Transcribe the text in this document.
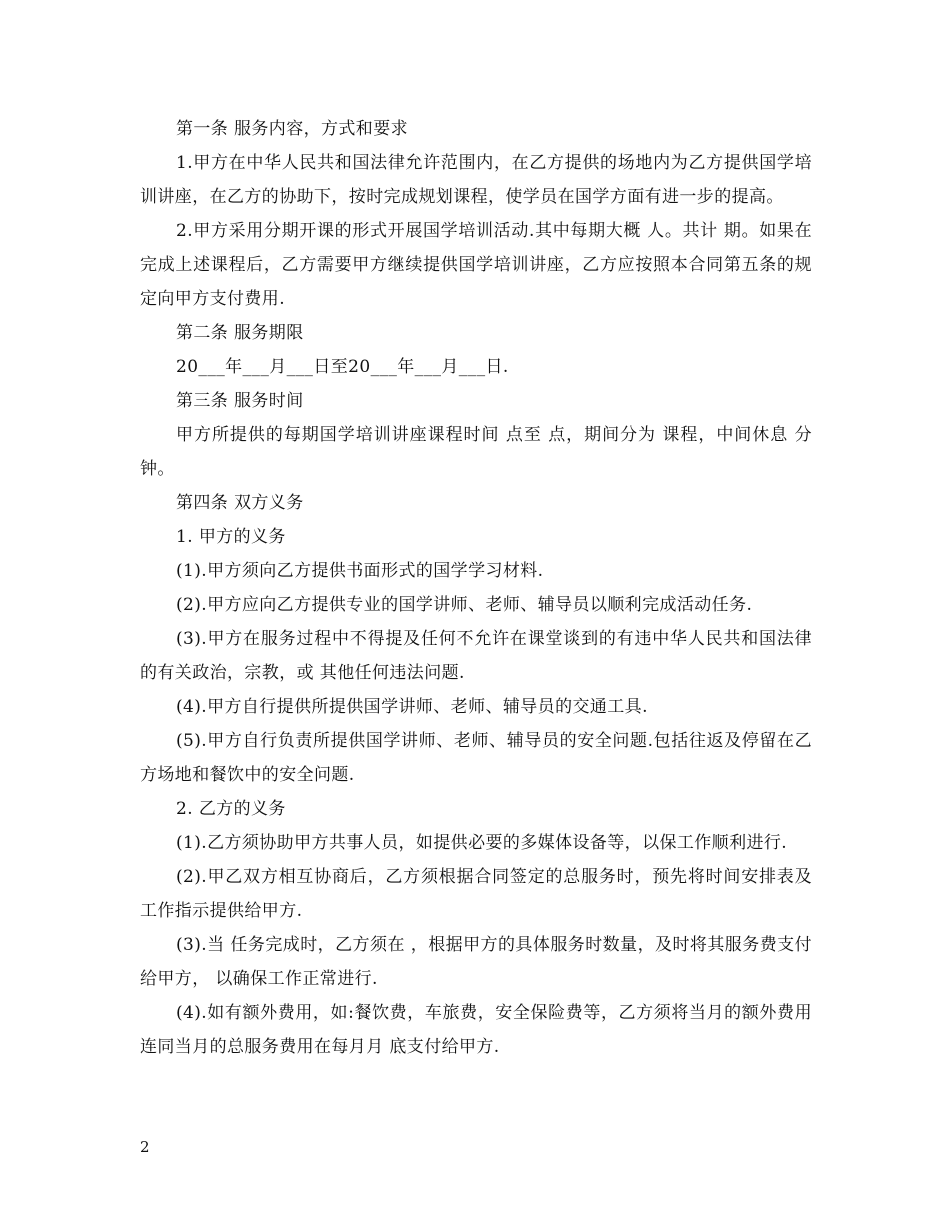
第一条 服务内容，方式和要求

1.甲方在中华人民共和国法律允许范围内，在乙方提供的场地内为乙方提供国学培训讲座，在乙方的协助下，按时完成规划课程，使学员在国学方面有进一步的提高。

2.甲方采用分期开课的形式开展国学培训活动.其中每期大概 人。共计 期。如果在完成上述课程后，乙方需要甲方继续提供国学培训讲座，乙方应按照本合同第五条的规定向甲方支付费用.

第二条 服务期限

20___年___月___日至20___年___月___日.

第三条 服务时间

甲方所提供的每期国学培训讲座课程时间 点至 点，期间分为 课程，中间休息 分钟。

第四条 双方义务

1. 甲方的义务

(1).甲方须向乙方提供书面形式的国学学习材料.

(2).甲方应向乙方提供专业的国学讲师、老师、辅导员以顺利完成活动任务.

(3).甲方在服务过程中不得提及任何不允许在课堂谈到的有违中华人民共和国法律的有关政治，宗教，或 其他任何违法问题.

(4).甲方自行提供所提供国学讲师、老师、辅导员的交通工具.

(5).甲方自行负责所提供国学讲师、老师、辅导员的安全问题.包括往返及停留在乙方场地和餐饮中的安全问题.

2. 乙方的义务

(1).乙方须协助甲方共事人员，如提供必要的多媒体设备等，以保工作顺利进行.

(2).甲乙双方相互协商后，乙方须根据合同签定的总服务时，预先将时间安排表及工作指示提供给甲方.

(3).当 任务完成时，乙方须在 ，根据甲方的具体服务时数量，及时将其服务费支付给甲方， 以确保工作正常进行.

(4).如有额外费用，如:餐饮费，车旅费，安全保险费等，乙方须将当月的额外费用连同当月的总服务费用在每月月 底支付给甲方.

2
